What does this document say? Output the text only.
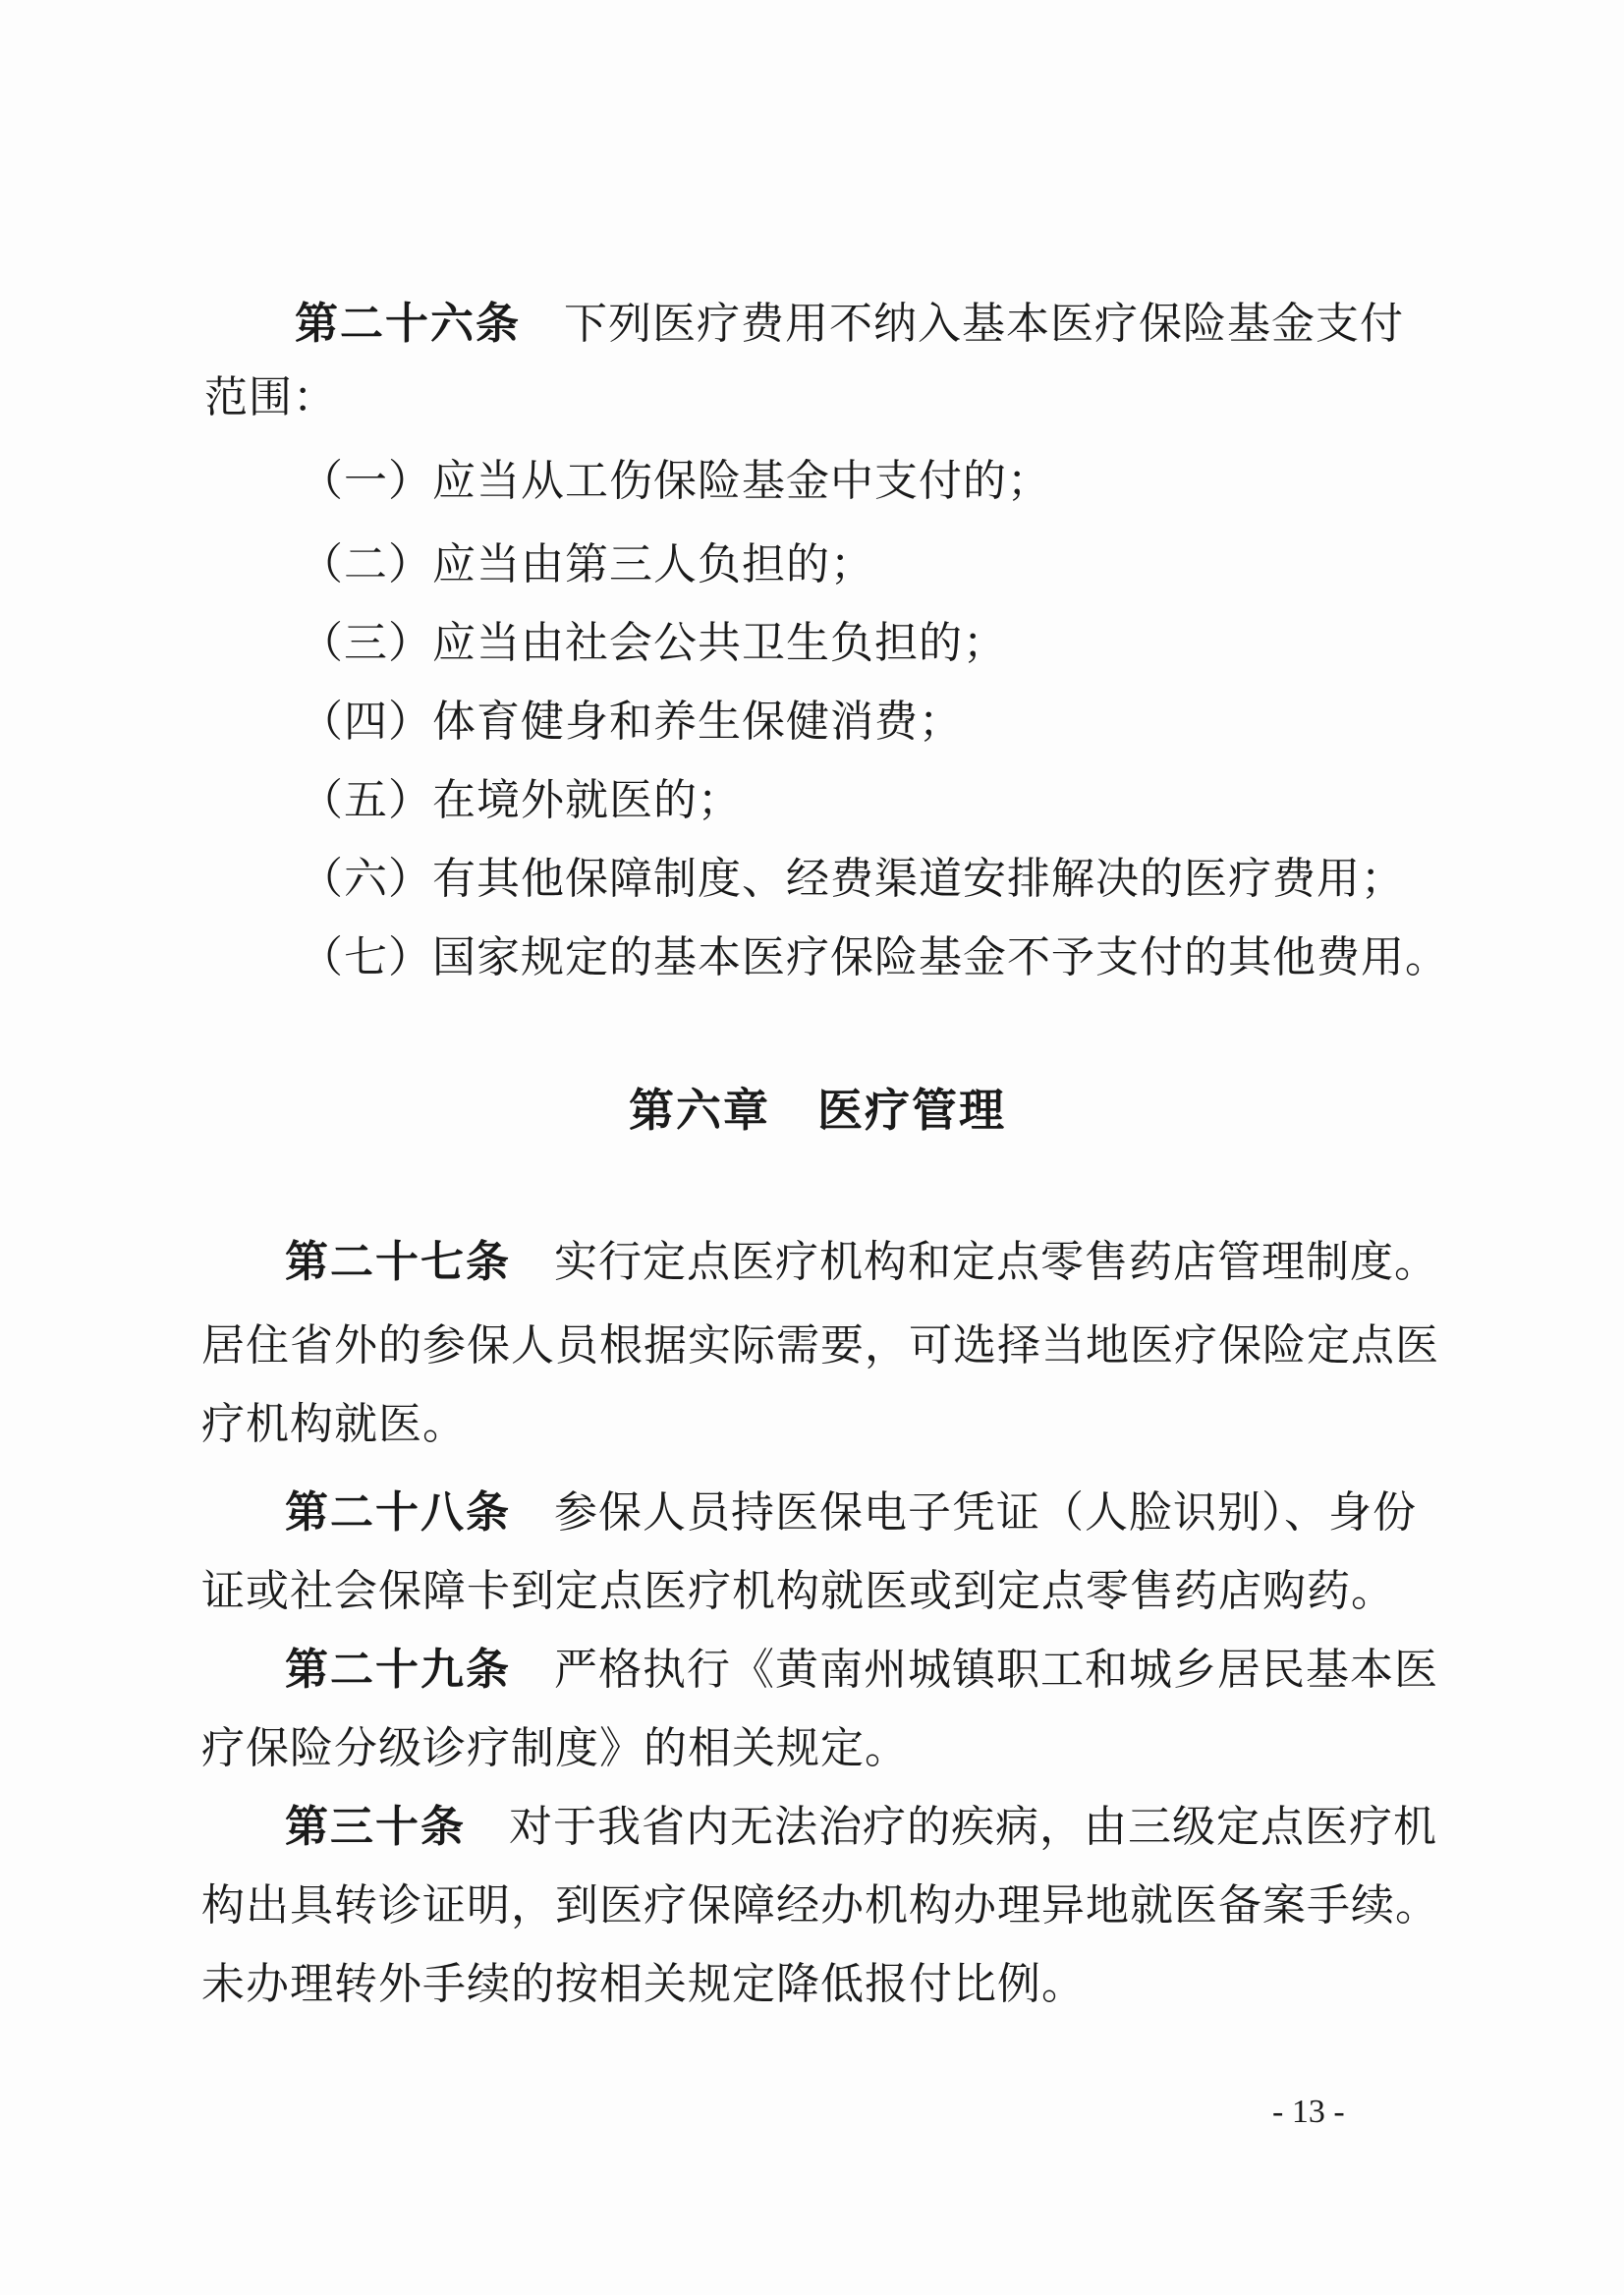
第二十六条 下列医疗费用不纳入基本医疗保险基金支付
范围：
（一）应当从工伤保险基金中支付的；
（二）应当由第三人负担的；
（三）应当由社会公共卫生负担的；
（四）体育健身和养生保健消费；
（五）在境外就医的；
（六）有其他保障制度、经费渠道安排解决的医疗费用；
（七）国家规定的基本医疗保险基金不予支付的其他费用。
第六章　医疗管理
第二十七条 实行定点医疗机构和定点零售药店管理制度。
居住省外的参保人员根据实际需要，可选择当地医疗保险定点医
疗机构就医。
第二十八条 参保人员持医保电子凭证（人脸识别）、身份
证或社会保障卡到定点医疗机构就医或到定点零售药店购药。
第二十九条 严格执行《黄南州城镇职工和城乡居民基本医
疗保险分级诊疗制度》的相关规定。
第三十条 对于我省内无法治疗的疾病，由三级定点医疗机
构出具转诊证明，到医疗保障经办机构办理异地就医备案手续。
未办理转外手续的按相关规定降低报付比例。
- 13 -
